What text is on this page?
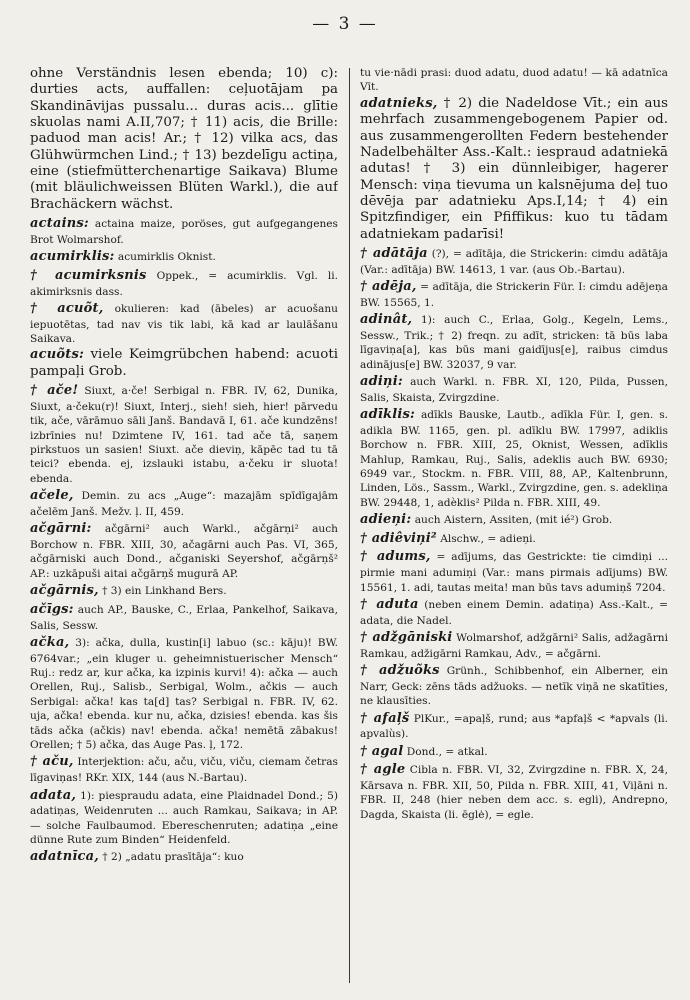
— 3 —
ohne Verständnis lesen ebenda; 10) c): durties acts, auffallen: ceļuotājam pa Skandināvijas pussalu... duras acis... glītie skuolas nami A.II,707; † 11) acis, die Brille: paduod man acis! Ar.; † 12) vilka acs, das Glühwürmchen Lind.; † 13) bezdelīgu actiņa, eine (stiefmütterchenartige Saikava) Blume (mit bläulichweissen Blüten Warkl.), die auf Brachäckern wächst.
actains: actaina maize, poröses, gut aufgegangenes Brot Wolmarshof.
acumirklis: acumirklis Oknist.
† acumirksnis Oppek., = acumirklis. Vgl. li. akimirksnis dass.
† acuõt, okulieren: kad (ābeles) ar acuošanu iepuotētas, tad nav vis tik labi, kā kad ar laulāšanu Saikava.
acuõts: viele Keimgrübchen habend: acuoti pampaļi Grob.
† ače! Siuxt, a·če! Serbigal n. FBR. IV, 62, Dunika, Siuxt, a·čeku(r)! Siuxt, Interj., sieh! sieh, hier! pārvedu tik, ače, vārāmuo sāli Janš. Bandavā I, 61. ače kundzēns! izbrīnies nu! Dzimtene IV, 161. tad ače tā, saņem pirkstuos un sasien! Siuxt. ače dieviņ, kāpēc tad tu tā teici? ebenda. ej, izslauki istabu, a·čeku ir sluota! ebenda.
ačele, Demin. zu acs „Auge“: mazajām spīdīgajām ačelēm Janš. Mežv. ļ. II, 459.
ačgārni: ačgārni² auch Warkl., ačgārņi² auch Borchow n. FBR. XIII, 30, ačagārni auch Pas. VI, 365, ačgārniski auch Dond., ačganiski Seyershof, ačgārņš² AP.: uzkāpuši aitai ačgārņš mugurā AP.
ačgārnis, † 3) ein Linkhand Bers.
ačīgs: auch AP., Bauske, C., Erlaa, Pankelhof, Saikava, Salis, Sessw.
ačka, 3): ačka, dulla, kustin[i] labuo (sc.: kāju)! BW. 6764var.; „ein kluger u. geheimnistuerischer Mensch“ Ruj.: redz ar, kur ačka, ka izpinis kurvi! 4): ačka — auch Orellen, Ruj., Salisb., Serbigal, Wolm., ačkis — auch Serbigal: ačka! kas ta[d] tas? Serbigal n. FBR. IV, 62. uja, ačka! ebenda. kur nu, ačka, dzisies! ebenda. kas šis tāds ačka (ačkis) nav! ebenda. ačka! nemētā zābakus! Orellen; † 5) ačka, das Auge Pas. ļ, 172.
† aču, Interjektion: aču, aču, viču, viču, ciemam četras līgaviņas! RKr. XIX, 144 (aus N.-Bartau).
adata, 1): piespraudu adata, eine Plaidnadel Dond.; 5) adatiņas, Weidenruten ... auch Ramkau, Saikava; in AP. — solche Faulbaumod. Ebereschenruten; adatiņa „eine dünne Rute zum Binden“ Heidenfeld.
adatnīca, † 2) „adatu prasītāja“: kuo
tu vie·nādi prasi: duod adatu, duod adatu! — kā adatnīca Vīt.
adatnieks, † 2) die Nadeldose Vīt.; ein aus mehrfach zusammengebogenem Papier od. aus zusammengerollten Federn bestehender Nadelbehälter Ass.-Kalt.: iespraud adatniekā adutas! † 3) ein dünnleibiger, hagerer Mensch: viņa tievuma un kalsnējuma deļ tuo dēvēja par adatnieku Aps.I,14; † 4) ein Spitzfindiger, ein Pfiffikus: kuo tu tādam adatniekam padarīsi!
† adātāja (?), = adītāja, die Strickerin: cimdu adātāja (Var.: adītāja) BW. 14613, 1 var. (aus Ob.-Bartau).
† adēja, = adītāja, die Strickerin Für. I: cimdu adējeņa BW. 15565, 1.
adinât, 1): auch C., Erlaa, Golg., Kegeln, Lems., Sessw., Trik.; † 2) freqn. zu adīt, stricken: tā būs laba līgaviņa[a], kas būs mani gaidījus[e], raibus cimdus adinājus[e] BW. 32037, 9 var.
adiņi: auch Warkl. n. FBR. XI, 120, Pilda, Pussen, Salis, Skaista, Zvirgzdine.
adīklis: adīkls Bauske, Lautb., adīkla Für. I, gen. s. adikla BW. 1165, gen. pl. adīklu BW. 17997, adiklis Borchow n. FBR. XIII, 25, Oknist, Wessen, adīklis Mahlup, Ramkau, Ruj., Salis, adeklis auch BW. 6930; 6949 var., Stockm. n. FBR. VIII, 88, AP., Kaltenbrunn, Linden, Lös., Sassm., Warkl., Zvirgzdine, gen. s. adekliņa BW. 29448, 1, adèklis² Pilda n. FBR. XIII, 49.
adieņi: auch Aistern, Assiten, (mit ié²) Grob.
† adiêviņi² Alschw., = adieņi.
† adums, = adījums, das Gestrickte: tie cimdiņi ... pirmie mani adumiņi (Var.: mans pirmais adījums) BW. 15561, 1. adi, tautas meita! man būs tavs adumiņš 7204.
† aduta (neben einem Demin. adatiņa) Ass.-Kalt., = adata, die Nadel.
† adžgāniski Wolmarshof, adžgārni² Salis, adžagārni Ramkau, adžigārni Ramkau, Adv., = ačgārni.
† adžuõks Grünh., Schibbenhof, ein Alberner, ein Narr, Geck: zēns tāds adžuoks. — netīk viņā ne skatīties, ne klausīties.
† afaļš PlKur., =apaļš, rund; aus *apfaļš < *apvals (li. apvalùs).
† agal Dond., = atkal.
† agle Cibla n. FBR. VI, 32, Zvirgzdine n. FBR. X, 24, Kārsava n. FBR. XII, 50, Pilda n. FBR. XIII, 41, Viļāni n. FBR. II, 248 (hier neben dem acc. s. egli), Andrepno, Dagda, Skaista (li. ēglė), = egle.
